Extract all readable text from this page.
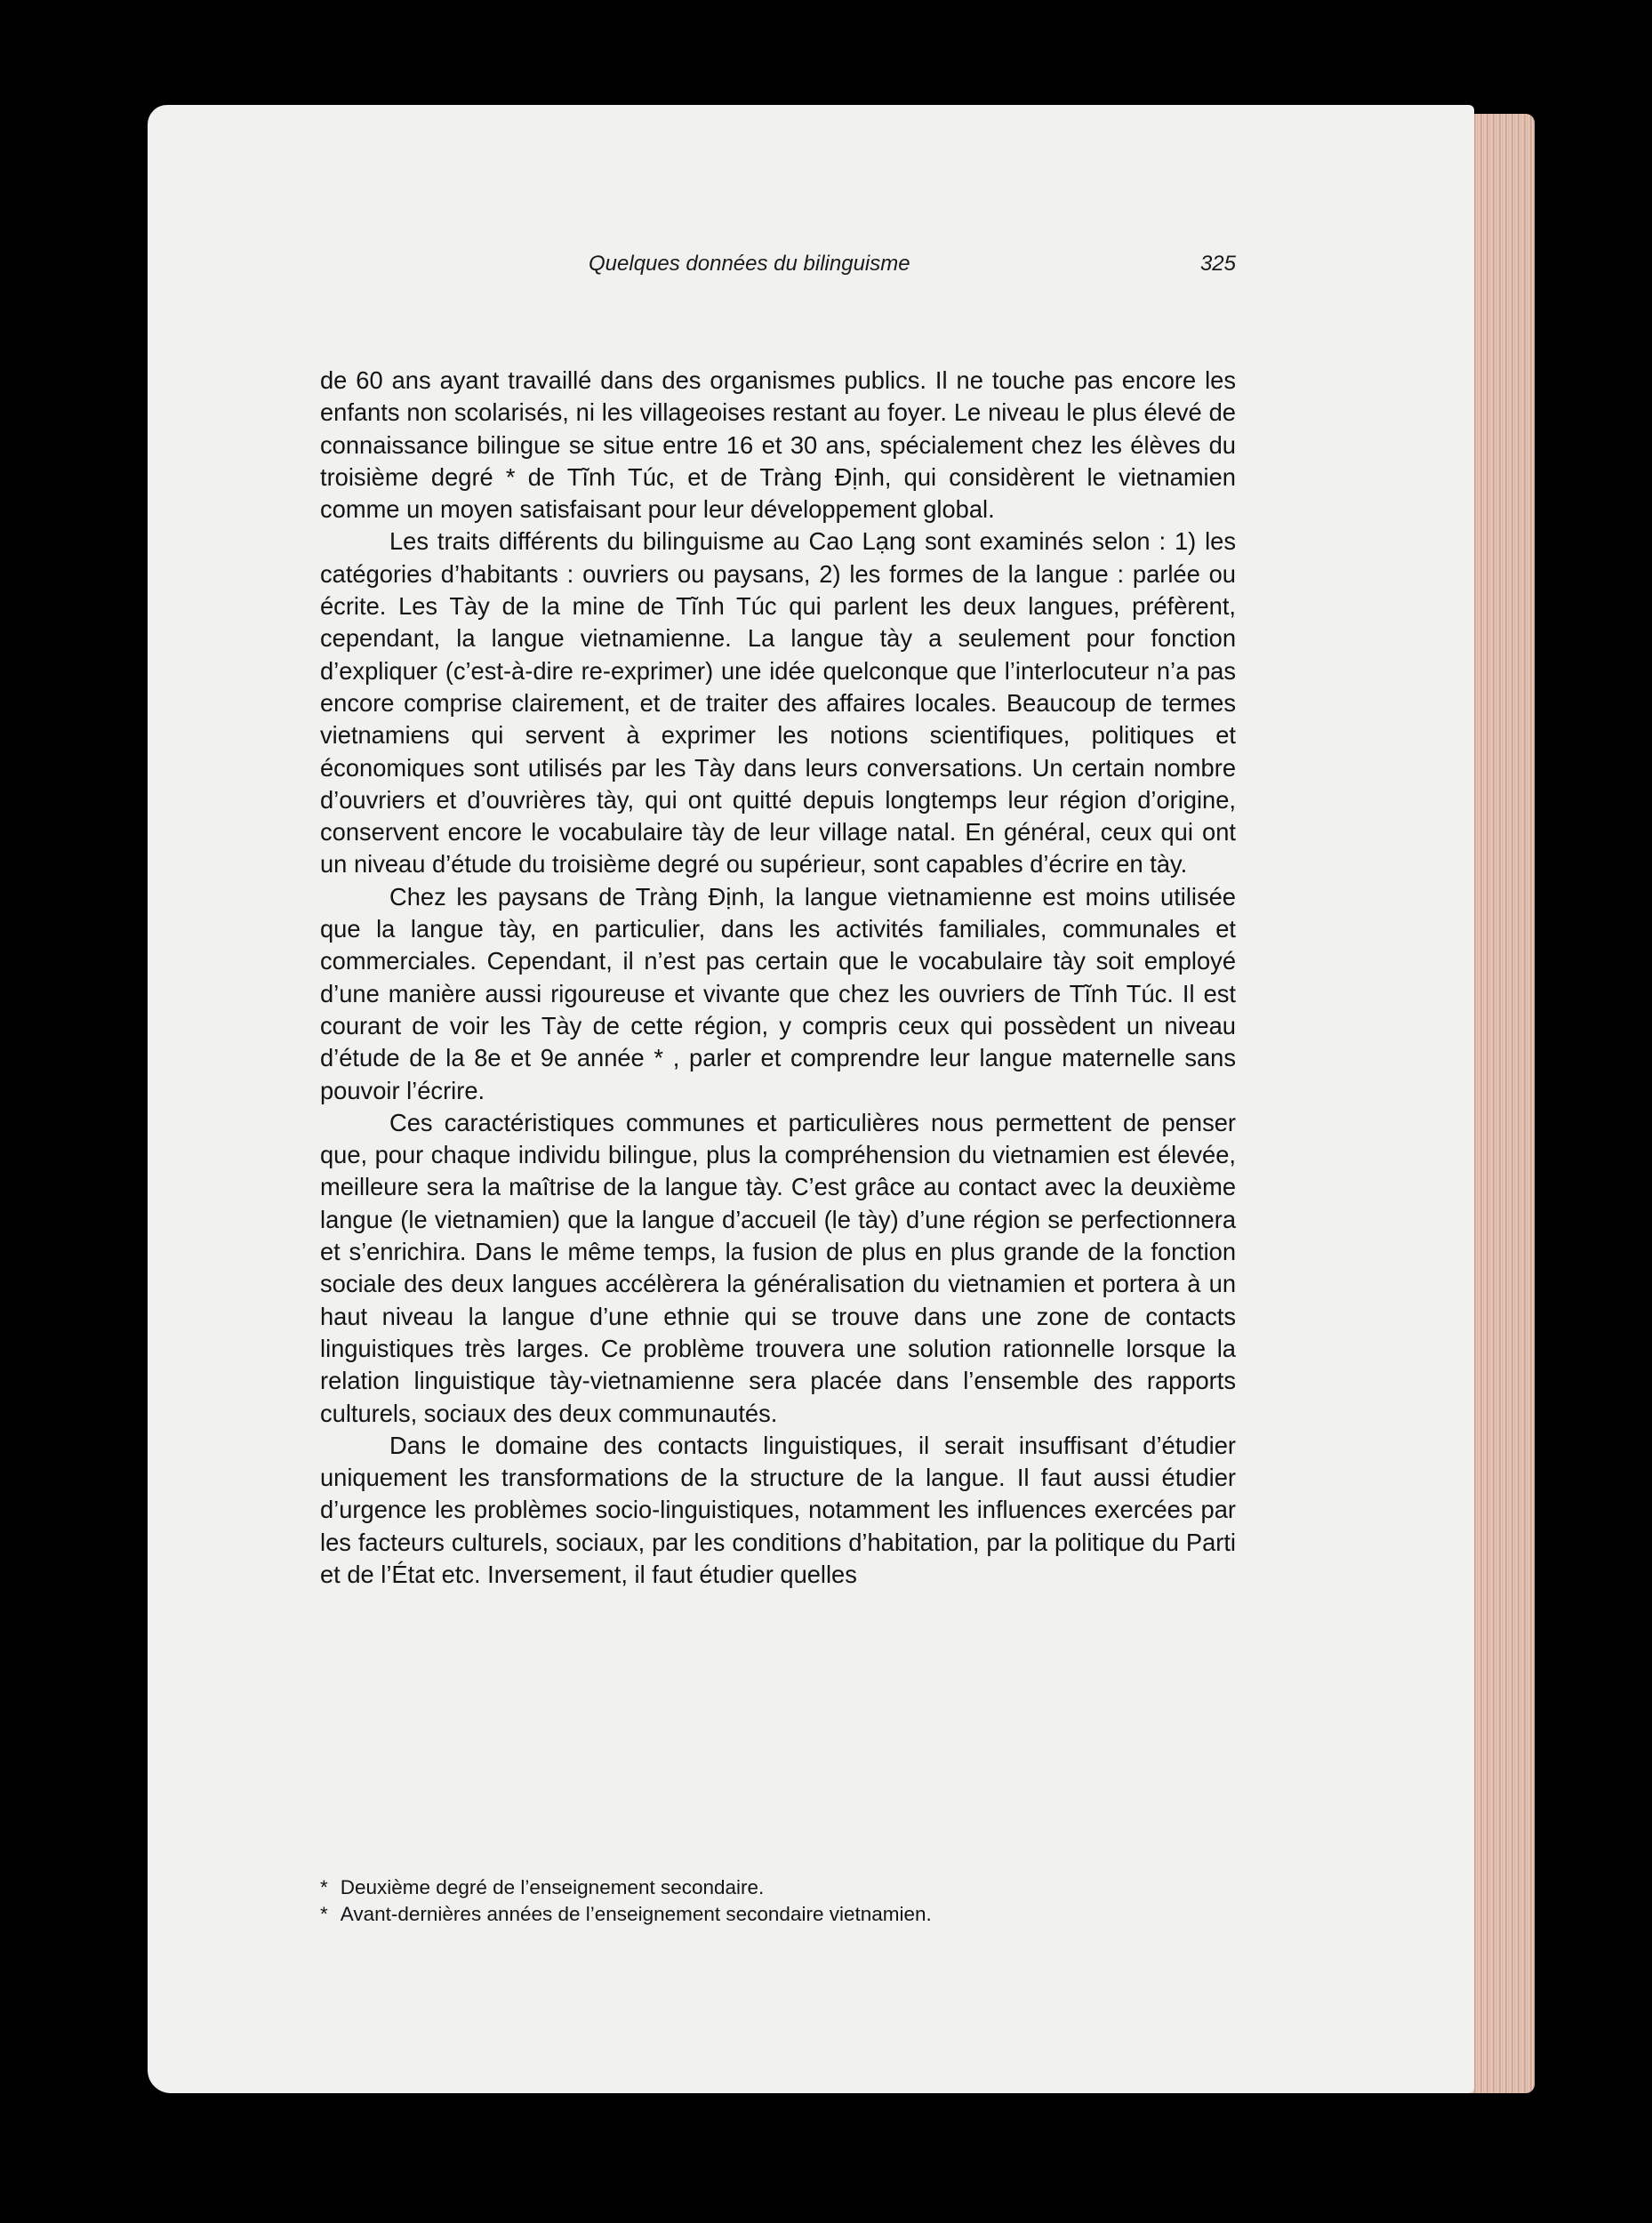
Quelques données du bilinguisme	325

de 60 ans ayant travaillé dans des organismes publics. Il ne touche pas encore les enfants non scolarisés, ni les villageoises restant au foyer. Le niveau le plus élevé de connaissance bilingue se situe entre 16 et 30 ans, spécialement chez les élèves du troisième degré * de Tĩnh Túc, et de Tràng Định, qui considèrent le vietnamien comme un moyen satisfaisant pour leur développement global.

Les traits différents du bilinguisme au Cao Lạng sont examinés selon : 1) les catégories d’habitants : ouvriers ou paysans, 2) les formes de la langue : parlée ou écrite. Les Tày de la mine de Tĩnh Túc qui parlent les deux langues, préfèrent, cependant, la langue vietnamienne. La langue tày a seulement pour fonction d’expliquer (c’est-à-dire re-exprimer) une idée quelconque que l’interlocuteur n’a pas encore comprise clairement, et de traiter des affaires locales. Beaucoup de termes vietnamiens qui servent à exprimer les notions scientifiques, politiques et économiques sont utilisés par les Tày dans leurs conversations. Un certain nombre d’ouvriers et d’ouvrières tày, qui ont quitté depuis longtemps leur région d’origine, conservent encore le vocabulaire tày de leur village natal. En général, ceux qui ont un niveau d’étude du troisième degré ou supérieur, sont capables d’écrire en tày.

Chez les paysans de Tràng Định, la langue vietnamienne est moins utilisée que la langue tày, en particulier, dans les activités familiales, communales et commerciales. Cependant, il n’est pas certain que le vocabulaire tày soit employé d’une manière aussi rigoureuse et vivante que chez les ouvriers de Tĩnh Túc. Il est courant de voir les Tày de cette région, y compris ceux qui possèdent un niveau d’étude de la 8e et 9e année * , parler et comprendre leur langue maternelle sans pouvoir l’écrire.

Ces caractéristiques communes et particulières nous permettent de penser que, pour chaque individu bilingue, plus la compréhension du vietnamien est élevée, meilleure sera la maîtrise de la langue tày. C’est grâce au contact avec la deuxième langue (le vietnamien) que la langue d’accueil (le tày) d’une région se perfectionnera et s’enrichira. Dans le même temps, la fusion de plus en plus grande de la fonction sociale des deux langues accélèrera la généralisation du vietnamien et portera à un haut niveau la langue d’une ethnie qui se trouve dans une zone de contacts linguistiques très larges. Ce problème trouvera une solution rationnelle lorsque la relation linguistique tày-vietnamienne sera placée dans l’ensemble des rapports culturels, sociaux des deux communautés.

Dans le domaine des contacts linguistiques, il serait insuffisant d’étudier uniquement les transformations de la structure de la langue. Il faut aussi étudier d’urgence les problèmes socio-linguistiques, notamment les influences exercées par les facteurs culturels, sociaux, par les conditions d’habitation, par la politique du Parti et de l’État etc. Inversement, il faut étudier quelles

* Deuxième degré de l’enseignement secondaire.
* Avant-dernières années de l’enseignement secondaire vietnamien.
